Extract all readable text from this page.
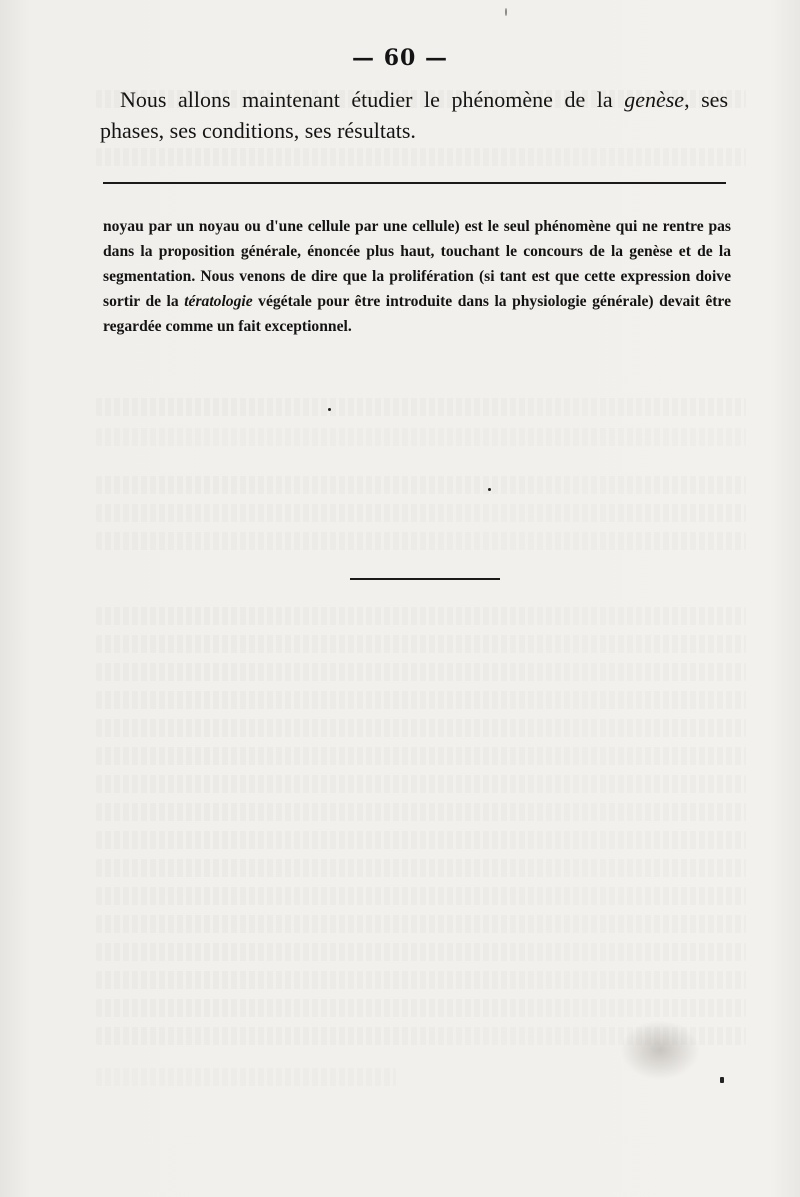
— 60 —
Nous allons maintenant étudier le phénomène de la genèse, ses phases, ses conditions, ses résultats.
noyau par un noyau ou d'une cellule par une cellule) est le seul phénomène qui ne rentre pas dans la proposition générale, énoncée plus haut, touchant le concours de la genèse et de la segmentation. Nous venons de dire que la prolifération (si tant est que cette expression doive sortir de la tératologie végétale pour être introduite dans la physiologie générale) devait être regardée comme un fait exceptionnel.
